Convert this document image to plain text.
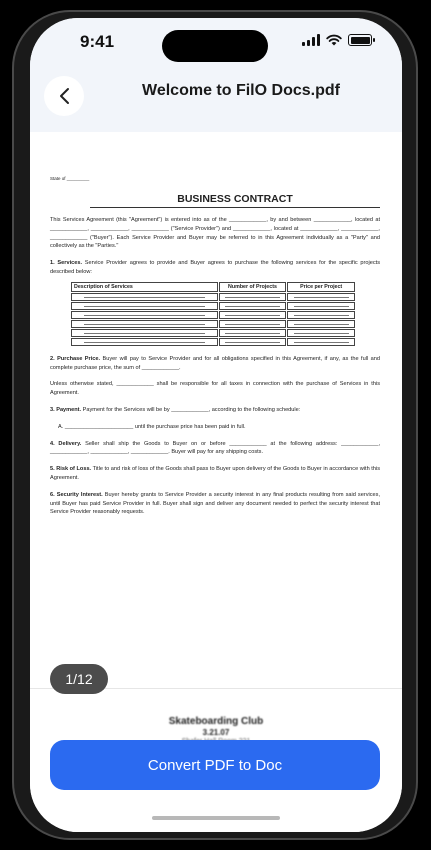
9:41
Welcome to FilO Docs.pdf
State of _________
BUSINESS CONTRACT

This Services Agreement (this "Agreement") is entered into as of the ____________, by and between ____________, located at ____________, ____________, ____________ ("Service Provider") and ____________, located at ____________, ____________, ____________ ("Buyer"). Each Service Provider and Buyer may be referred to in this Agreement individually as a "Party" and collectively as the "Parties."

1. Services. Service Provider agrees to provide and Buyer agrees to purchase the following services for the specific projects described below:

Description of Services	Number of Projects	Price per Project

2. Purchase Price. Buyer will pay to Service Provider and for all obligations specified in this Agreement, if any, as the full and complete purchase price, the sum of ____________.

Unless otherwise stated, ____________ shall be responsible for all taxes in connection with the purchase of Services in this Agreement.

3. Payment. Payment for the Services will be by ____________, according to the following schedule:

A. ______________________ until the purchase price has been paid in full.

4. Delivery. Seller shall ship the Goods to Buyer on or before ____________ at the following address: ____________, ____________, ____________, ____________. Buyer will pay for any shipping costs.

5. Risk of Loss. Title to and risk of loss of the Goods shall pass to Buyer upon delivery of the Goods to Buyer in accordance with this Agreement.

6. Security Interest. Buyer hereby grants to Service Provider a security interest in any final products resulting from said services, until Buyer has paid Service Provider in full. Buyer shall sign and deliver any document needed to perfect the security interest that Service Provider reasonably requests.

Skateboarding Club
3.21.07
1/12
Convert PDF to Doc
